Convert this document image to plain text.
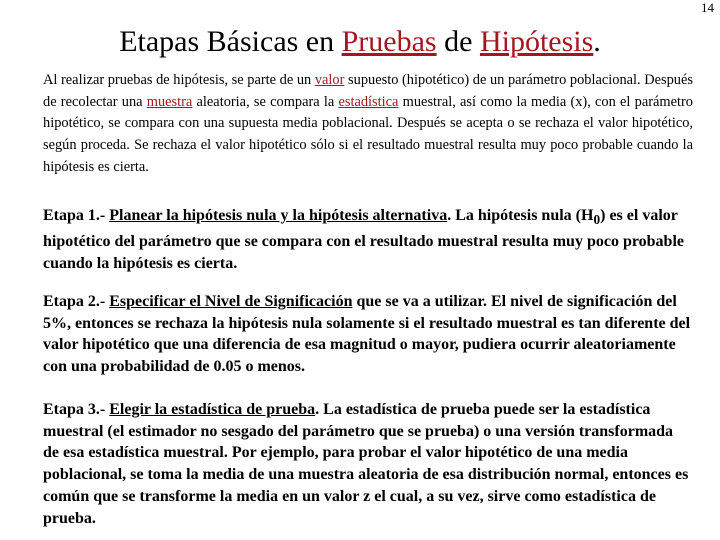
14
Etapas Básicas en Pruebas de Hipótesis.

Al realizar pruebas de hipótesis, se parte de un valor supuesto (hipotético) de un parámetro poblacional. Después de recolectar una muestra aleatoria, se compara la estadística muestral, así como la media (x), con el parámetro hipotético, se compara con una supuesta media poblacional. Después se acepta o se rechaza el valor hipotético, según proceda. Se rechaza el valor hipotético sólo si el resultado muestral resulta muy poco probable cuando la hipótesis es cierta.

Etapa 1.- Planear la hipótesis nula y la hipótesis alternativa. La hipótesis nula $(H_0)$ es el valor hipotético del parámetro que se compara con el resultado muestral resulta muy poco probable cuando la hipótesis es cierta.

Etapa 2.- Especificar el Nivel de Significación que se va a utilizar. El nivel de significación del 5%, entonces se rechaza la hipótesis nula solamente si el resultado muestral es tan diferente del valor hipotético que una diferencia de esa magnitud o mayor, pudiera ocurrir aleatoriamente con una probabilidad de 0.05 o menos.

Etapa 3.- Elegir la estadística de prueba. La estadística de prueba puede ser la estadística muestral (el estimador no sesgado del parámetro que se prueba) o una versión transformada de esa estadística muestral. Por ejemplo, para probar el valor hipotético de una media poblacional, se toma la media de una muestra aleatoria de esa distribución normal, entonces es común que se transforme la media en un valor z el cual, a su vez, sirve como estadística de prueba.
